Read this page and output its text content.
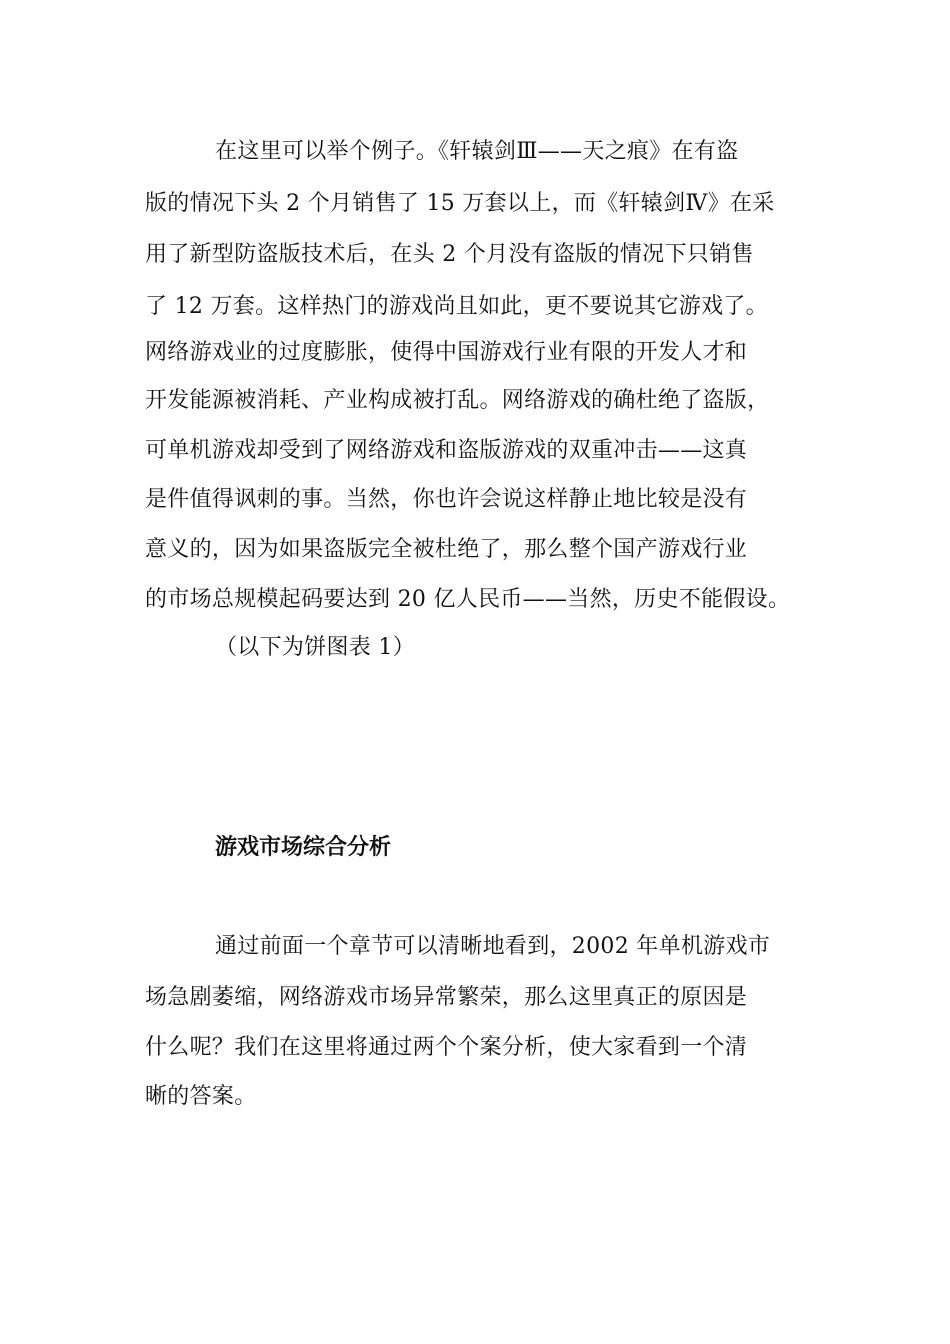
在这里可以举个例子。《轩辕剑Ⅲ——天之痕》在有盗
版的情况下头 2 个月销售了 15 万套以上，而《轩辕剑Ⅳ》在采
用了新型防盗版技术后，在头 2 个月没有盗版的情况下只销售
了 12 万套。这样热门的游戏尚且如此，更不要说其它游戏了。
网络游戏业的过度膨胀，使得中国游戏行业有限的开发人才和
开发能源被消耗、产业构成被打乱。网络游戏的确杜绝了盗版，
可单机游戏却受到了网络游戏和盗版游戏的双重冲击——这真
是件值得讽刺的事。当然，你也许会说这样静止地比较是没有
意义的，因为如果盗版完全被杜绝了，那么整个国产游戏行业
的市场总规模起码要达到 20 亿人民币——当然，历史不能假设。
（以下为饼图表 1）
游戏市场综合分析
通过前面一个章节可以清晰地看到，2002 年单机游戏市
场急剧萎缩，网络游戏市场异常繁荣，那么这里真正的原因是
什么呢？我们在这里将通过两个个案分析，使大家看到一个清
晰的答案。
